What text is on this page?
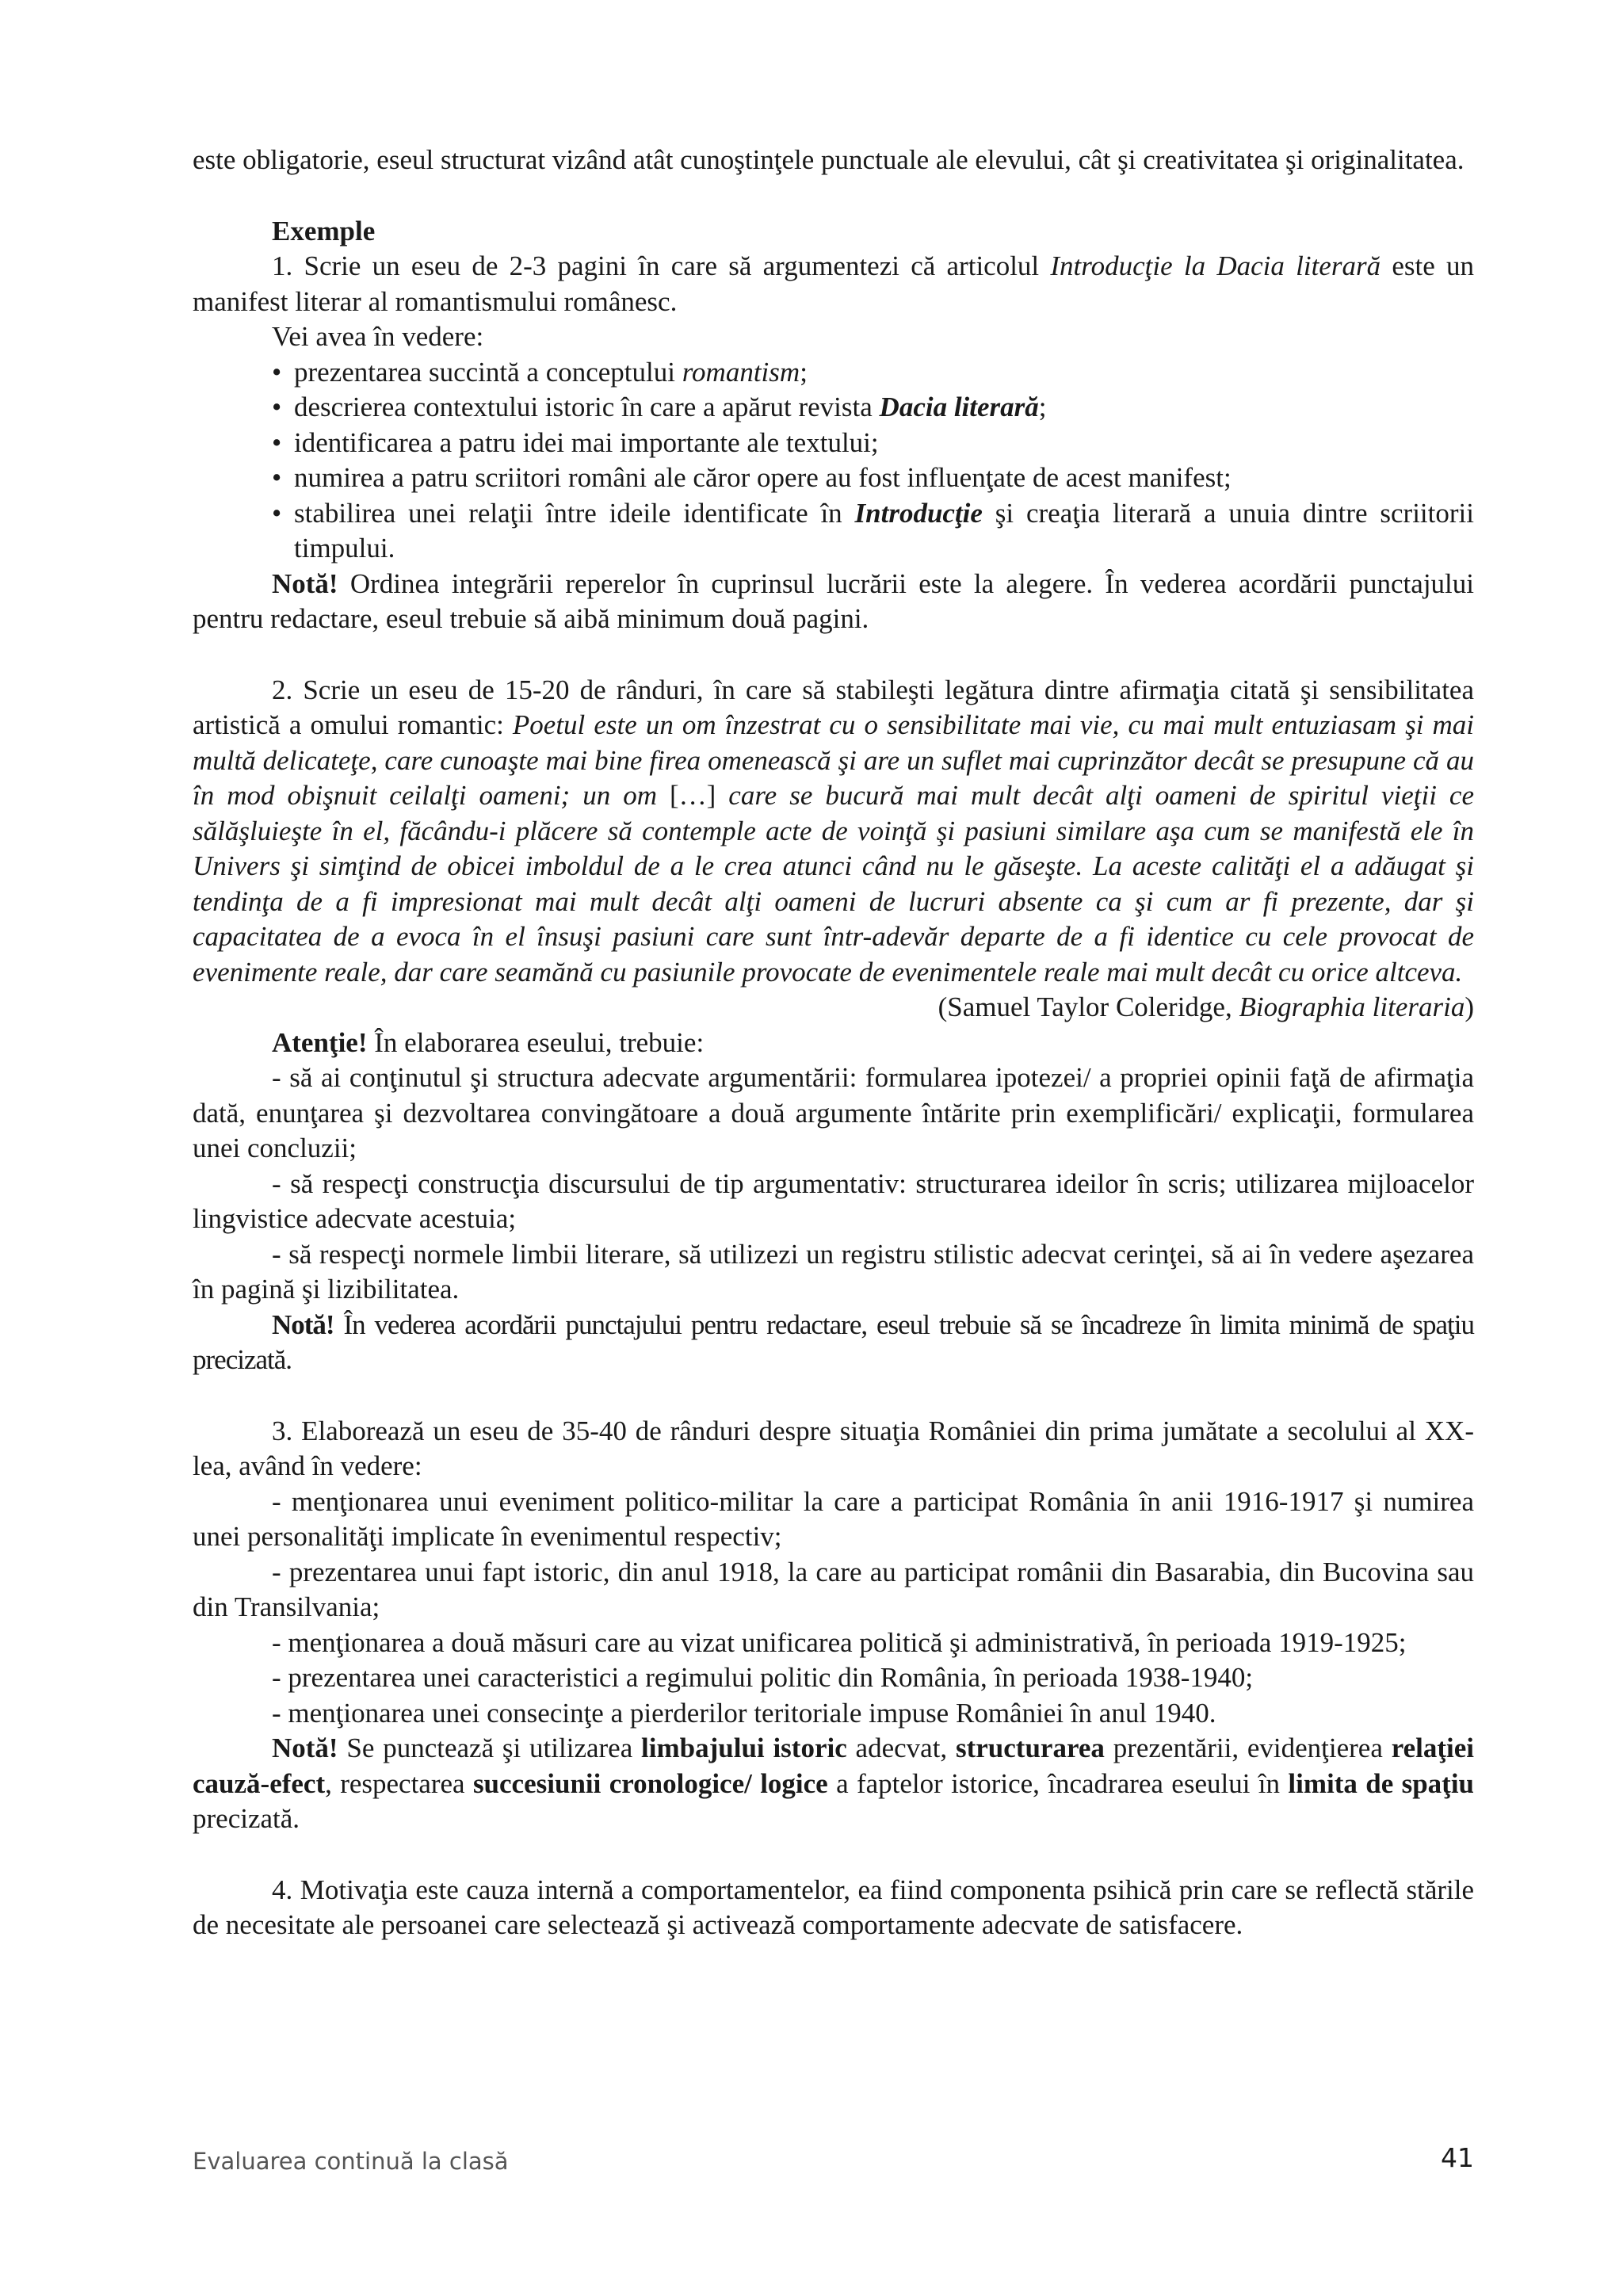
este obligatorie, eseul structurat vizând atât cunoştinţele punctuale ale elevului, cât şi creativitatea şi originalitatea.

Exemple

1. Scrie un eseu de 2-3 pagini în care să argumentezi că articolul Introducţie la Dacia literară este un manifest literar al romantismului românesc.

Vei avea în vedere:

• prezentarea succintă a conceptului romantism;
• descrierea contextului istoric în care a apărut revista Dacia literară;
• identificarea a patru idei mai importante ale textului;
• numirea a patru scriitori români ale căror opere au fost influenţate de acest manifest;
• stabilirea unei relaţii între ideile identificate în Introducţie şi creaţia literară a unuia dintre scriitorii timpului.

Notă! Ordinea integrării reperelor în cuprinsul lucrării este la alegere. În vederea acordării punctajului pentru redactare, eseul trebuie să aibă minimum două pagini.

2. Scrie un eseu de 15-20 de rânduri, în care să stabileşti legătura dintre afirmaţia citată şi sensibilitatea artistică a omului romantic: Poetul este un om înzestrat cu o sensibilitate mai vie, cu mai mult entuziasam şi mai multă delicateţe, care cunoaşte mai bine firea omenească şi are un suflet mai cuprinzător decât se presupune că au în mod obişnuit ceilalţi oameni; un om […] care se bucură mai mult decât alţi oameni de spiritul vieţii ce sălăşluieşte în el, făcându-i plăcere să contemple acte de voinţă şi pasiuni similare aşa cum se manifestă ele în Univers şi simţind de obicei imboldul de a le crea atunci când nu le găseşte. La aceste calităţi el a adăugat şi tendinţa de a fi impresionat mai mult decât alţi oameni de lucruri absente ca şi cum ar fi prezente, dar şi capacitatea de a evoca în el însuşi pasiuni care sunt într-adevăr departe de a fi identice cu cele provocat de evenimente reale, dar care seamănă cu pasiunile provocate de evenimentele reale mai mult decât cu orice altceva.

(Samuel Taylor Coleridge, Biographia literaria)

Atenţie! În elaborarea eseului, trebuie:

- să ai conţinutul şi structura adecvate argumentării: formularea ipotezei/ a propriei opinii faţă de afirmaţia dată, enunţarea şi dezvoltarea convingătoare a două argumente întărite prin exemplificări/ explicaţii, formularea unei concluzii;

- să respecţi construcţia discursului de tip argumentativ: structurarea ideilor în scris; utilizarea mijloacelor lingvistice adecvate acestuia;

- să respecţi normele limbii literare, să utilizezi un registru stilistic adecvat cerinţei, să ai în vedere aşezarea în pagină şi lizibilitatea.

Notă! În vederea acordării punctajului pentru redactare, eseul trebuie să se încadreze în limita minimă de spaţiu precizată.

3. Elaborează un eseu de 35-40 de rânduri despre situaţia României din prima jumătate a secolului al XX-lea, având în vedere:

- menţionarea unui eveniment politico-militar la care a participat România în anii 1916-1917 şi numirea unei personalităţi implicate în evenimentul respectiv;

- prezentarea unui fapt istoric, din anul 1918, la care au participat românii din Basarabia, din Bucovina sau din Transilvania;

- menţionarea a două măsuri care au vizat unificarea politică şi administrativă, în perioada 1919-1925;

- prezentarea unei caracteristici a regimului politic din România, în perioada 1938-1940;

- menţionarea unei consecinţe a pierderilor teritoriale impuse României în anul 1940.

Notă! Se punctează şi utilizarea limbajului istoric adecvat, structurarea prezentării, evidenţierea relaţiei cauză-efect, respectarea succesiunii cronologice/ logice a faptelor istorice, încadrarea eseului în limita de spaţiu precizată.

4. Motivaţia este cauza internă a comportamentelor, ea fiind componenta psihică prin care se reflectă stările de necesitate ale persoanei care selectează şi activează comportamente adecvate de satisfacere.

Evaluarea continuă la clasă	41
